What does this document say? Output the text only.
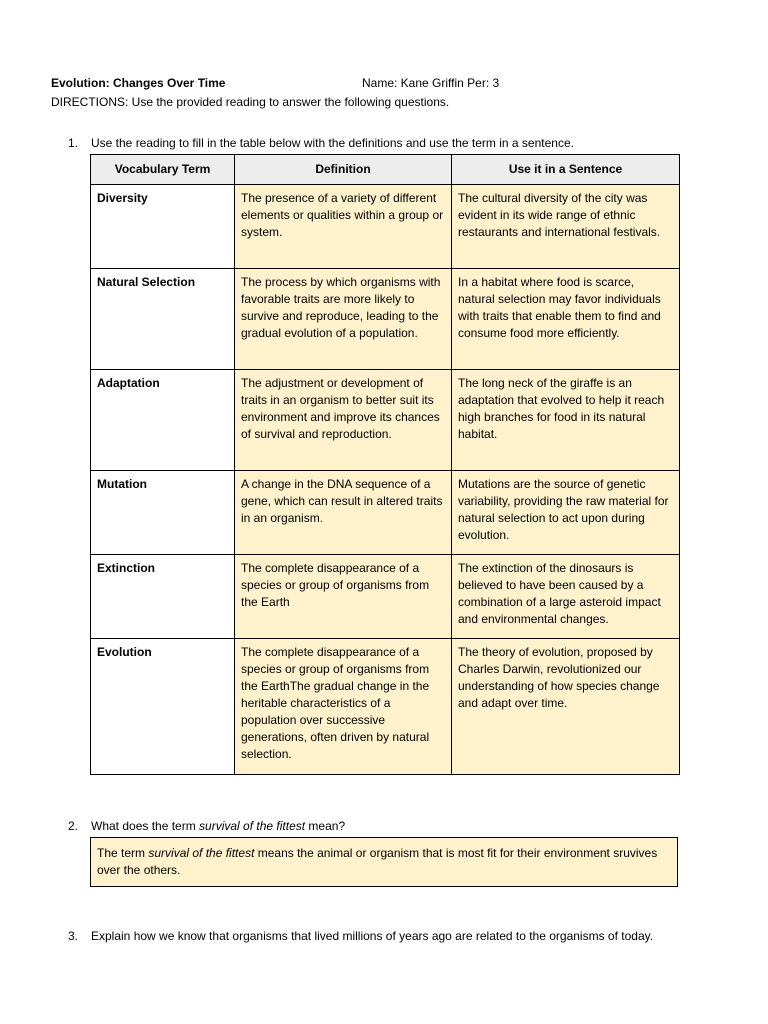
Evolution: Changes Over Time	Name: Kane Griffin Per: 3
DIRECTIONS: Use the provided reading to answer the following questions.
1. Use the reading to fill in the table below with the definitions and use the term in a sentence.
Vocabulary Term	Definition	Use it in a Sentence
Diversity	The presence of a variety of different elements or qualities within a group or system.	The cultural diversity of the city was evident in its wide range of ethnic restaurants and international festivals.
Natural Selection	The process by which organisms with favorable traits are more likely to survive and reproduce, leading to the gradual evolution of a population.	In a habitat where food is scarce, natural selection may favor individuals with traits that enable them to find and consume food more efficiently.
Adaptation	The adjustment or development of traits in an organism to better suit its environment and improve its chances of survival and reproduction.	The long neck of the giraffe is an adaptation that evolved to help it reach high branches for food in its natural habitat.
Mutation	A change in the DNA sequence of a gene, which can result in altered traits in an organism.	Mutations are the source of genetic variability, providing the raw material for natural selection to act upon during evolution.
Extinction	The complete disappearance of a species or group of organisms from the Earth	The extinction of the dinosaurs is believed to have been caused by a combination of a large asteroid impact and environmental changes.
Evolution	The complete disappearance of a species or group of organisms from the EarthThe gradual change in the heritable characteristics of a population over successive generations, often driven by natural selection.	The theory of evolution, proposed by Charles Darwin, revolutionized our understanding of how species change and adapt over time.
2. What does the term survival of the fittest mean?
The term survival of the fittest means the animal or organism that is most fit for their environment sruvives over the others.
3. Explain how we know that organisms that lived millions of years ago are related to the organisms of today.
